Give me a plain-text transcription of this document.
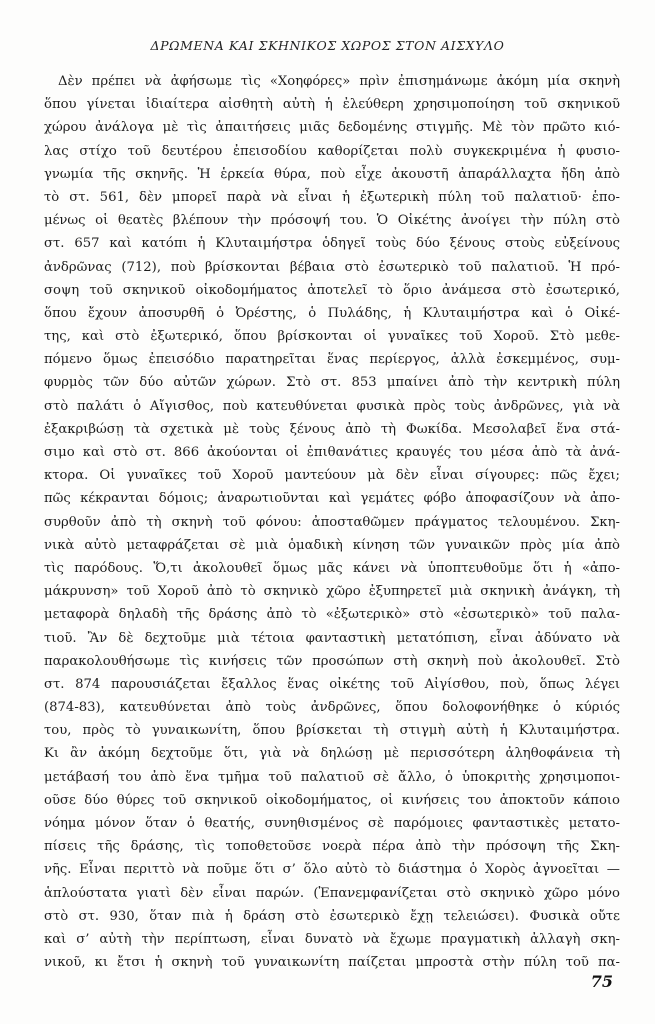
ΔΡΩΜΕΝΑ ΚΑΙ ΣΚΗΝΙΚΟΣ ΧΩΡΟΣ ΣΤΟΝ ΑΙΣΧΥΛΟ
Δὲν πρέπει νὰ ἀφήσωμε τὶς «Χοηφόρες» πρὶν ἐπισημάνωμε ἀκόμη μία σκηνὴ
ὅπου γίνεται ἰδιαίτερα αἰσθητὴ αὐτὴ ἡ ἐλεύθερη χρησιμοποίηση τοῦ σκηνικοῦ
χώρου ἀνάλογα μὲ τὶς ἀπαιτήσεις μιᾶς δεδομένης στιγμῆς. Μὲ τὸν πρῶτο κιό-
λας στίχο τοῦ δευτέρου ἐπεισοδίου καθορίζεται πολὺ συγκεκριμένα ἡ φυσιο-
γνωμία τῆς σκηνῆς. Ἡ ἑρκεία θύρα, ποὺ εἶχε ἀκουστῆ ἀπαράλλαχτα ἤδη ἀπὸ
τὸ στ. 561, δὲν μπορεῖ παρὰ νὰ εἶναι ἡ ἐξωτερικὴ πύλη τοῦ παλατιοῦ· ἑπο-
μένως οἱ θεατὲς βλέπουν τὴν πρόσοψή του. Ὁ Οἰκέτης ἀνοίγει τὴν πύλη στὸ
στ. 657 καὶ κατόπι ἡ Κλυταιμήστρα ὁδηγεῖ τοὺς δύο ξένους στοὺς εὐξείνους
ἀνδρῶνας (712), ποὺ βρίσκονται βέβαια στὸ ἐσωτερικὸ τοῦ παλατιοῦ. Ἡ πρό-
σοψη τοῦ σκηνικοῦ οἰκοδομήματος ἀποτελεῖ τὸ ὅριο ἀνάμεσα στὸ ἐσωτερικό,
ὅπου ἔχουν ἀποσυρθῆ ὁ Ὀρέστης, ὁ Πυλάδης, ἡ Κλυταιμήστρα καὶ ὁ Οἰκέ-
της, καὶ στὸ ἐξωτερικό, ὅπου βρίσκονται οἱ γυναῖκες τοῦ Χοροῦ. Στὸ μεθε-
πόμενο ὅμως ἐπεισόδιο παρατηρεῖται ἕνας περίεργος, ἀλλὰ ἐσκεμμένος, συμ-
φυρμὸς τῶν δύο αὐτῶν χώρων. Στὸ στ. 853 μπαίνει ἀπὸ τὴν κεντρικὴ πύλη
στὸ παλάτι ὁ Αἴγισθος, ποὺ κατευθύνεται φυσικὰ πρὸς τοὺς ἀνδρῶνες, γιὰ νὰ
ἐξακριβώσῃ τὰ σχετικὰ μὲ τοὺς ξένους ἀπὸ τὴ Φωκίδα. Μεσολαβεῖ ἕνα στά-
σιμο καὶ στὸ στ. 866 ἀκούονται οἱ ἐπιθανάτιες κραυγές του μέσα ἀπὸ τὰ ἀνά-
κτορα. Οἱ γυναῖκες τοῦ Χοροῦ μαντεύουν μὰ δὲν εἶναι σίγουρες: πῶς ἔχει;
πῶς κέκρανται δόμοις; ἀναρωτιοῦνται καὶ γεμάτες φόβο ἀποφασίζουν νὰ ἀπο-
συρθοῦν ἀπὸ τὴ σκηνὴ τοῦ φόνου: ἀποσταθῶμεν πράγματος τελουμένου. Σκη-
νικὰ αὐτὸ μεταφράζεται σὲ μιὰ ὁμαδικὴ κίνηση τῶν γυναικῶν πρὸς μία ἀπὸ
τὶς παρόδους. Ὅ,τι ἀκολουθεῖ ὅμως μᾶς κάνει νὰ ὑποπτευθοῦμε ὅτι ἡ «ἀπο-
μάκρυνση» τοῦ Χοροῦ ἀπὸ τὸ σκηνικὸ χῶρο ἐξυπηρετεῖ μιὰ σκηνικὴ ἀνάγκη, τὴ
μεταφορὰ δηλαδὴ τῆς δράσης ἀπὸ τὸ «ἐξωτερικὸ» στὸ «ἐσωτερικὸ» τοῦ παλα-
τιοῦ. Ἂν δὲ δεχτοῦμε μιὰ τέτοια φανταστικὴ μετατόπιση, εἶναι ἀδύνατο νὰ
παρακολουθήσωμε τὶς κινήσεις τῶν προσώπων στὴ σκηνὴ ποὺ ἀκολουθεῖ. Στὸ
στ. 874 παρουσιάζεται ἔξαλλος ἕνας οἰκέτης τοῦ Αἰγίσθου, ποὺ, ὅπως λέγει
(874-83), κατευθύνεται ἀπὸ τοὺς ἀνδρῶνες, ὅπου δολοφονήθηκε ὁ κύριός
του, πρὸς τὸ γυναικωνίτη, ὅπου βρίσκεται τὴ στιγμὴ αὐτὴ ἡ Κλυταιμήστρα.
Κι ἂν ἀκόμη δεχτοῦμε ὅτι, γιὰ νὰ δηλώσῃ μὲ περισσότερη ἀληθοφάνεια τὴ
μετάβασή του ἀπὸ ἕνα τμῆμα τοῦ παλατιοῦ σὲ ἄλλο, ὁ ὑποκριτὴς χρησιμοποι-
οῦσε δύο θύρες τοῦ σκηνικοῦ οἰκοδομήματος, οἱ κινήσεις του ἀποκτοῦν κάποιο
νόημα μόνον ὅταν ὁ θεατής, συνηθισμένος σὲ παρόμοιες φανταστικὲς μετατο-
πίσεις τῆς δράσης, τὶς τοποθετοῦσε νοερὰ πέρα ἀπὸ τὴν πρόσοψη τῆς Σκη-
νῆς. Εἶναι περιττὸ νὰ ποῦμε ὅτι σ’ ὅλο αὐτὸ τὸ διάστημα ὁ Χορὸς ἀγνοεῖται —
ἁπλούστατα γιατὶ δὲν εἶναι παρών. (Ἐπανεμφανίζεται στὸ σκηνικὸ χῶρο μόνο
στὸ στ. 930, ὅταν πιὰ ἡ δράση στὸ ἐσωτερικὸ ἔχῃ τελειώσει). Φυσικὰ οὔτε
καὶ σ’ αὐτὴ τὴν περίπτωση, εἶναι δυνατὸ νὰ ἔχωμε πραγματικὴ ἀλλαγὴ σκη-
νικοῦ, κι ἔτσι ἡ σκηνὴ τοῦ γυναικωνίτη παίζεται μπροστὰ στὴν πύλη τοῦ πα-
75
